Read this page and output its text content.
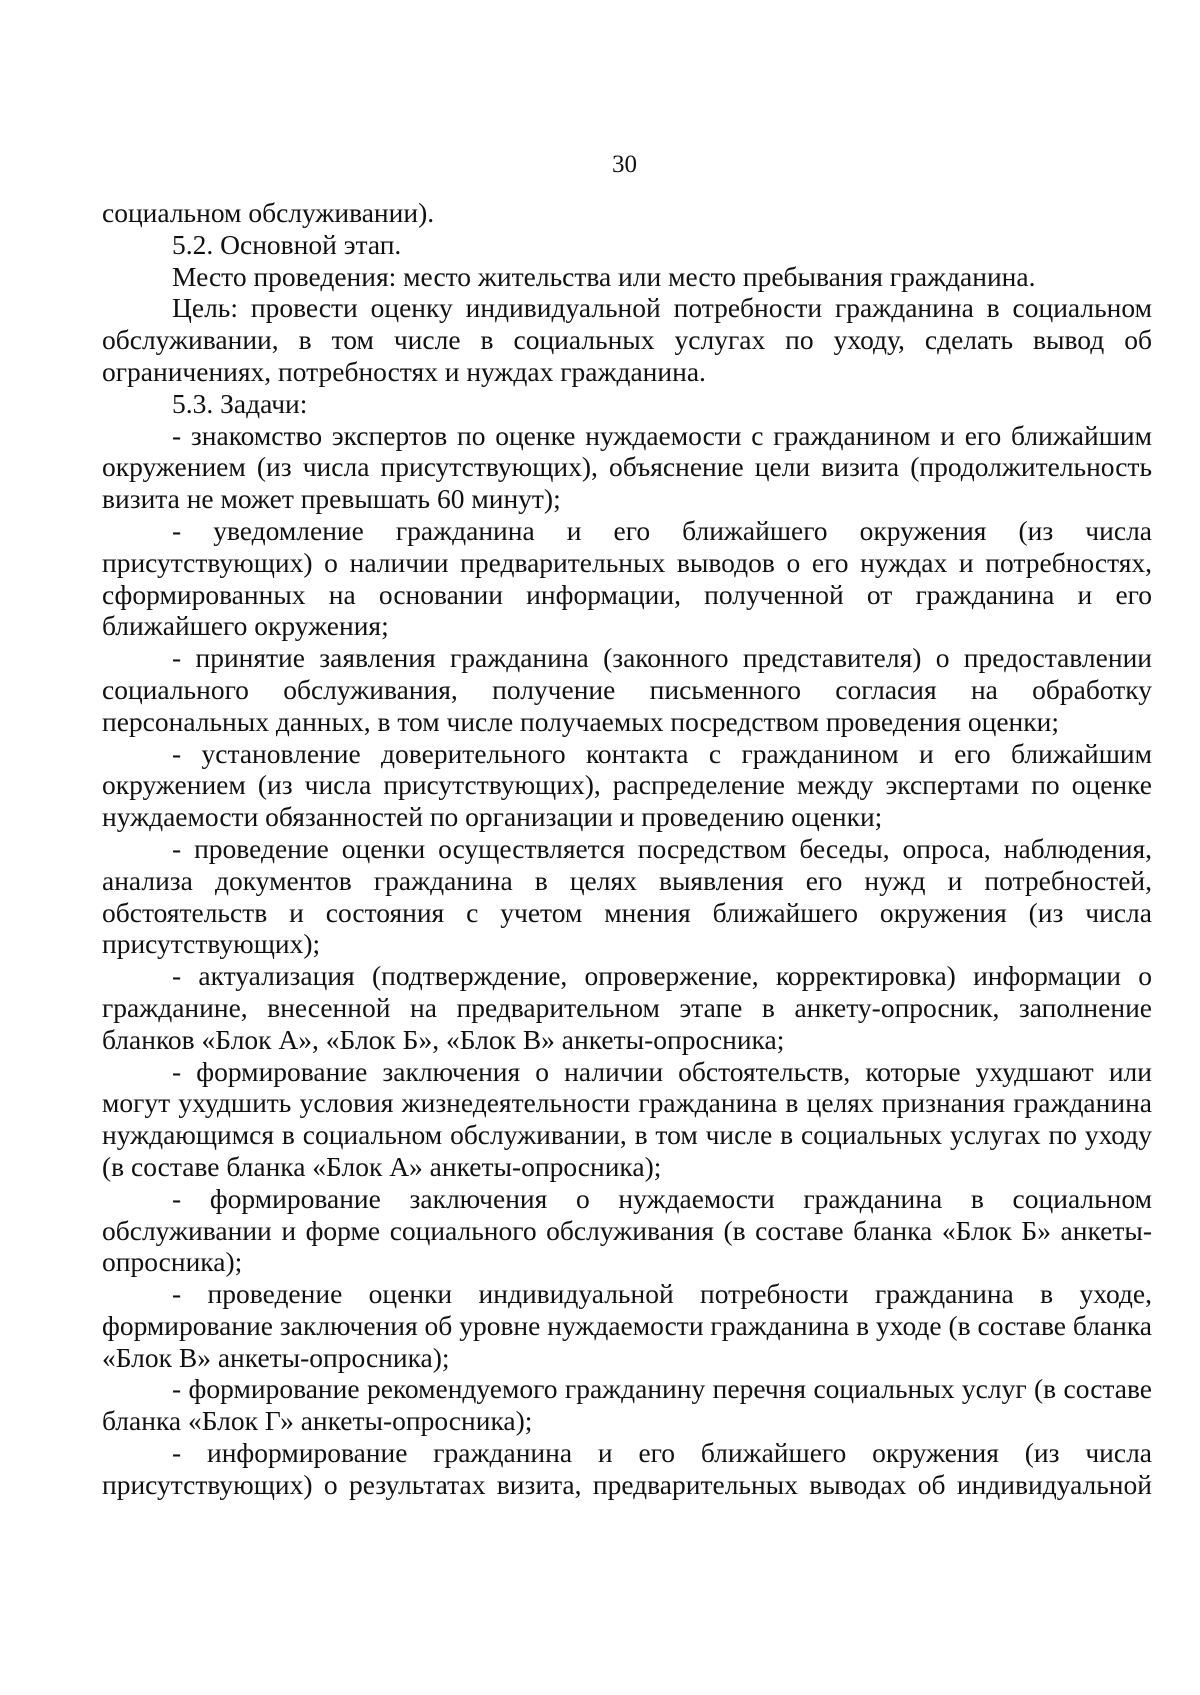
30

социальном обслуживании).

5.2. Основной этап.

Место проведения: место жительства или место пребывания гражданина.

Цель: провести оценку индивидуальной потребности гражданина в социальном обслуживании, в том числе в социальных услугах по уходу, сделать вывод об ограничениях, потребностях и нуждах гражданина.

5.3. Задачи:

- знакомство экспертов по оценке нуждаемости с гражданином и его ближайшим окружением (из числа присутствующих), объяснение цели визита (продолжительность визита не может превышать 60 минут);

- уведомление гражданина и его ближайшего окружения (из числа присутствующих) о наличии предварительных выводов о его нуждах и потребностях, сформированных на основании информации, полученной от гражданина и его ближайшего окружения;

- принятие заявления гражданина (законного представителя) о предоставлении социального обслуживания, получение письменного согласия на обработку персональных данных, в том числе получаемых посредством проведения оценки;

- установление доверительного контакта с гражданином и его ближайшим окружением (из числа присутствующих), распределение между экспертами по оценке нуждаемости обязанностей по организации и проведению оценки;

- проведение оценки осуществляется посредством беседы, опроса, наблюдения, анализа документов гражданина в целях выявления его нужд и потребностей, обстоятельств и состояния с учетом мнения ближайшего окружения (из числа присутствующих);

- актуализация (подтверждение, опровержение, корректировка) информации о гражданине, внесенной на предварительном этапе в анкету-опросник, заполнение бланков «Блок А», «Блок Б», «Блок В» анкеты-опросника;

- формирование заключения о наличии обстоятельств, которые ухудшают или могут ухудшить условия жизнедеятельности гражданина в целях признания гражданина нуждающимся в социальном обслуживании, в том числе в социальных услугах по уходу (в составе бланка «Блок А» анкеты-опросника);

- формирование заключения о нуждаемости гражданина в социальном обслуживании и форме социального обслуживания (в составе бланка «Блок Б» анкеты-опросника);

- проведение оценки индивидуальной потребности гражданина в уходе, формирование заключения об уровне нуждаемости гражданина в уходе (в составе бланка «Блок В» анкеты-опросника);

- формирование рекомендуемого гражданину перечня социальных услуг (в составе бланка «Блок Г» анкеты-опросника);

- информирование гражданина и его ближайшего окружения (из числа присутствующих) о результатах визита, предварительных выводах об индивидуальной
